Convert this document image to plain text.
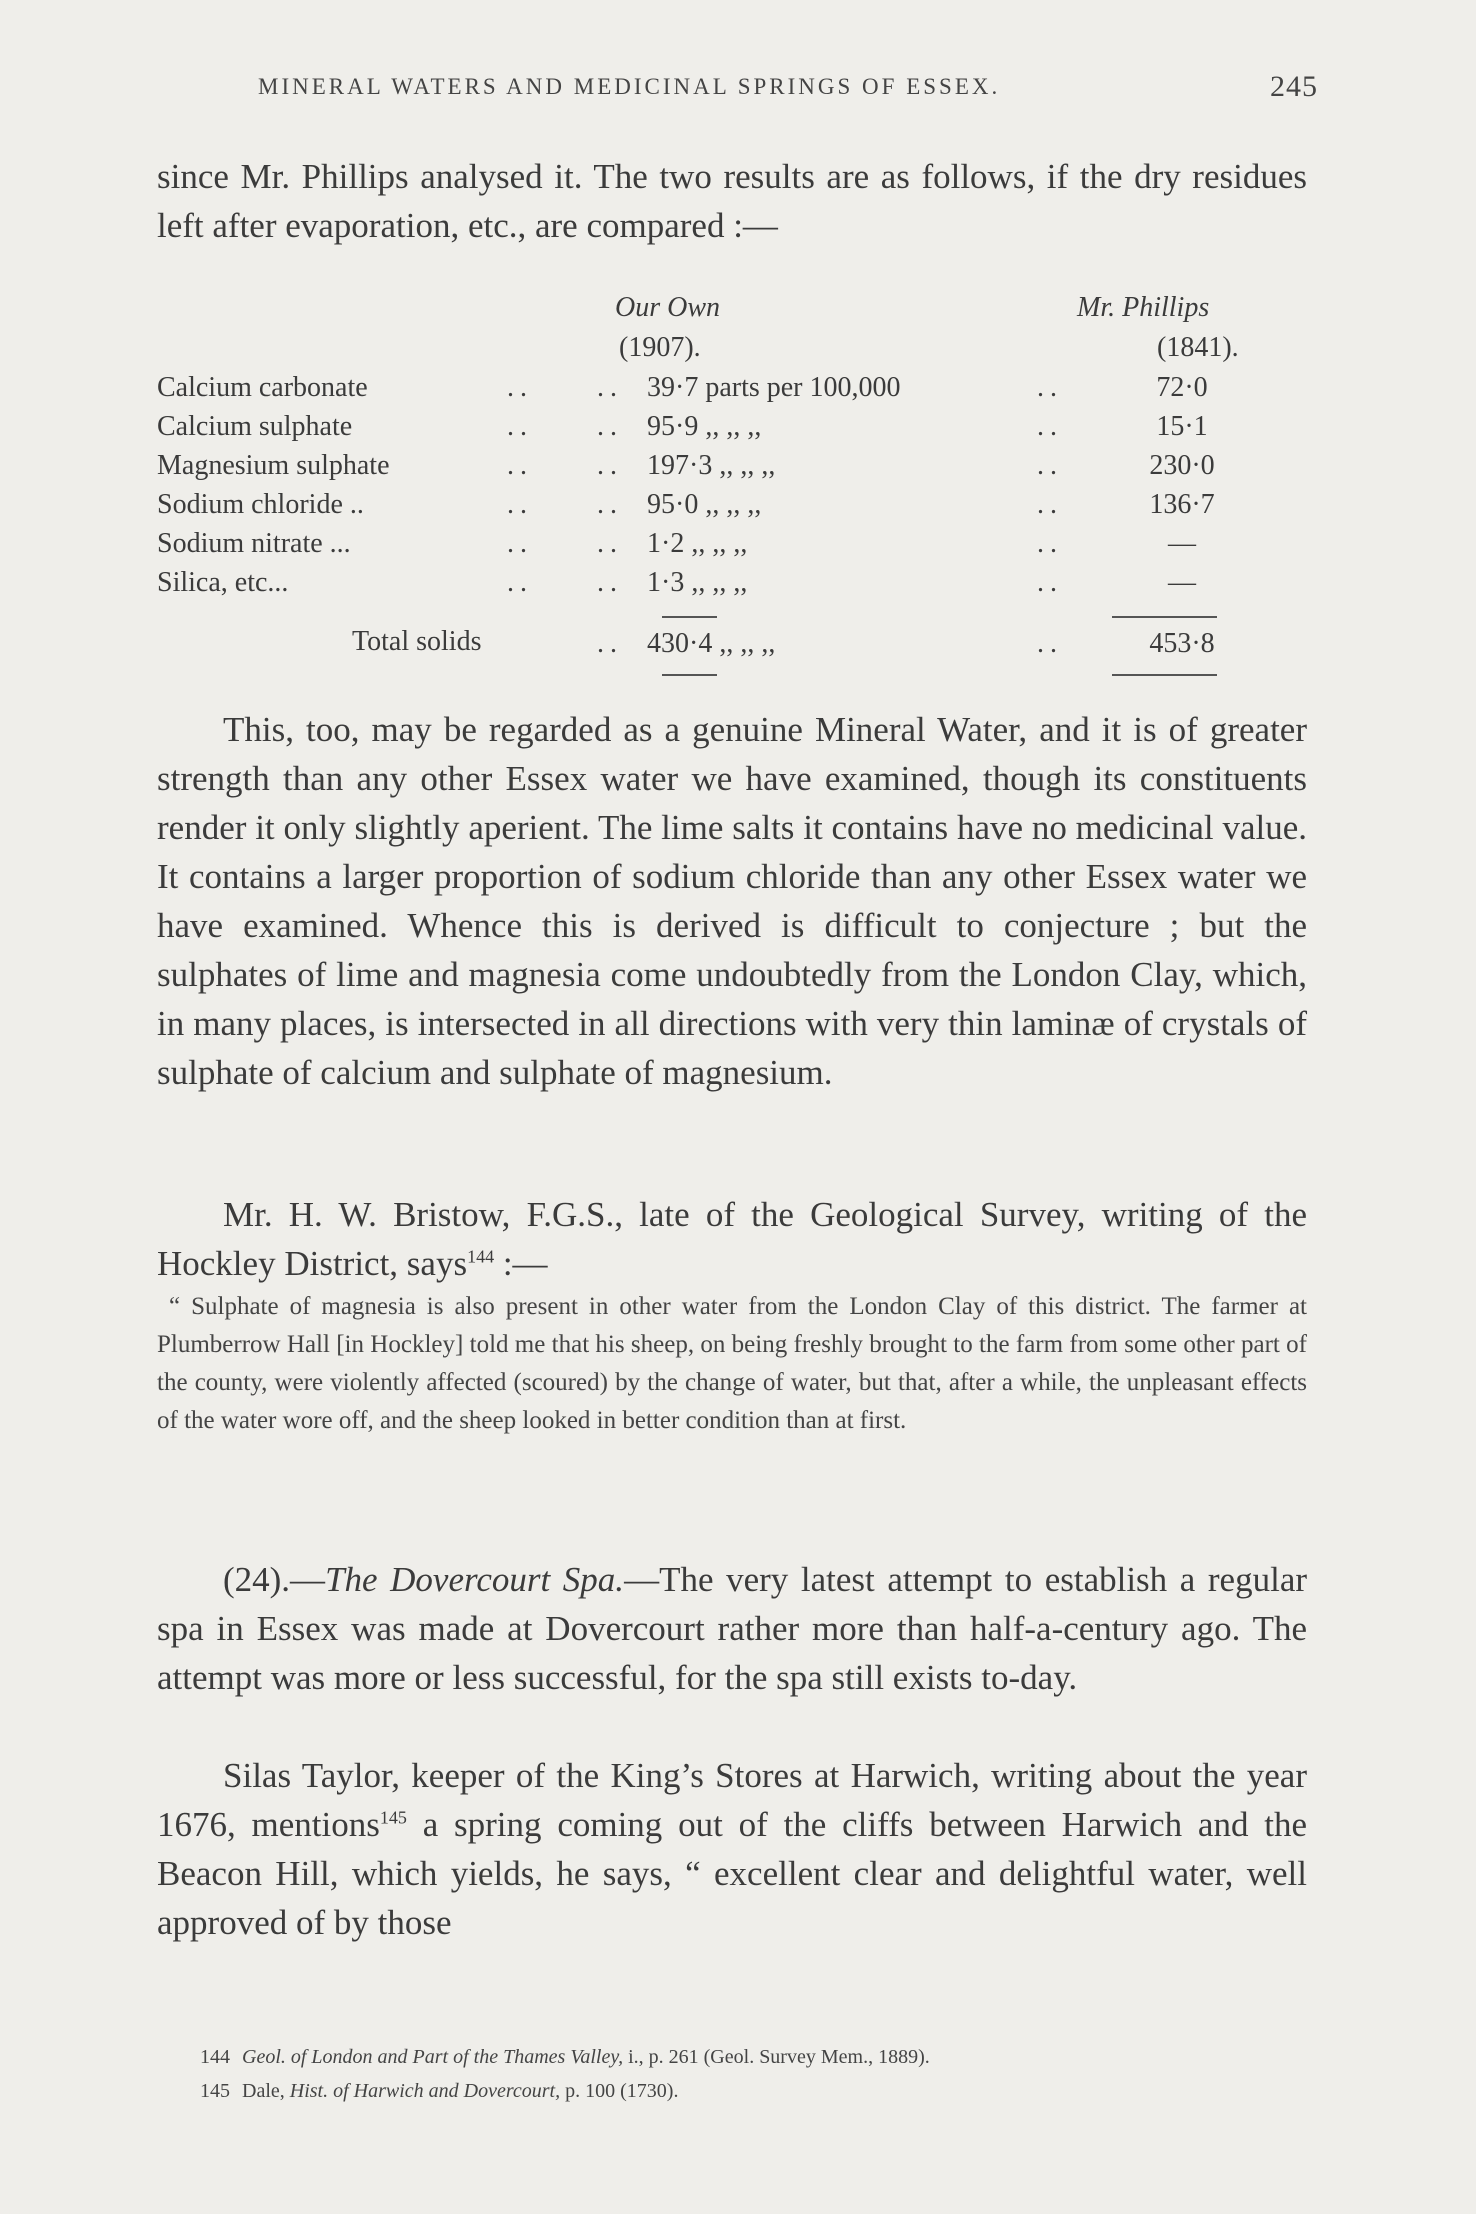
MINERAL WATERS AND MEDICINAL SPRINGS OF ESSEX.	245

since Mr. Phillips analysed it. The two results are as follows, if the dry residues left after evaporation, etc., are compared :—

Our Own
(1907).
Mr. Phillips
(1841).
Calcium carbonate	.. .. 39·7 parts per 100,000	..	72·0
Calcium sulphate	.. .. 95·9 ,, ,, ,,	..	15·1
Magnesium sulphate	.. .. 197·3 ,, ,, ,,	..	230·0
Sodium chloride ..	.. .. 95·0 ,, ,, ,,	..	136·7
Sodium nitrate ...	.. .. 1·2 ,, ,, ,,	..	—
Silica, etc...	.. .. 1·3 ,, ,, ,,	..	—
Total solids	.. 430·4 ,, ,, ,,	..	453·8

This, too, may be regarded as a genuine Mineral Water, and it is of greater strength than any other Essex water we have examined, though its constituents render it only slightly aperient. The lime salts it contains have no medicinal value. It contains a larger proportion of sodium chloride than any other Essex water we have examined. Whence this is derived is difficult to conjecture ; but the sulphates of lime and magnesia come undoubtedly from the London Clay, which, in many places, is intersected in all directions with very thin laminæ of crystals of sulphate of calcium and sulphate of magnesium.

Mr. H. W. Bristow, F.G.S., late of the Geological Survey, writing of the Hockley District, says$^{144}$ :—

“ Sulphate of magnesia is also present in other water from the London Clay of this district. The farmer at Plumberrow Hall [in Hockley] told me that his sheep, on being freshly brought to the farm from some other part of the county, were violently affected (scoured) by the change of water, but that, after a while, the unpleasant effects of the water wore off, and the sheep looked in better condition than at first.

(24).—The Dovercourt Spa.—The very latest attempt to establish a regular spa in Essex was made at Dovercourt rather more than half-a-century ago. The attempt was more or less successful, for the spa still exists to-day.

Silas Taylor, keeper of the King’s Stores at Harwich, writing about the year 1676, mentions$^{145}$ a spring coming out of the cliffs between Harwich and the Beacon Hill, which yields, he says, “ excellent clear and delightful water, well approved of by those

144 Geol. of London and Part of the Thames Valley, i., p. 261 (Geol. Survey Mem., 1889).

145 Dale, Hist. of Harwich and Dovercourt, p. 100 (1730).
